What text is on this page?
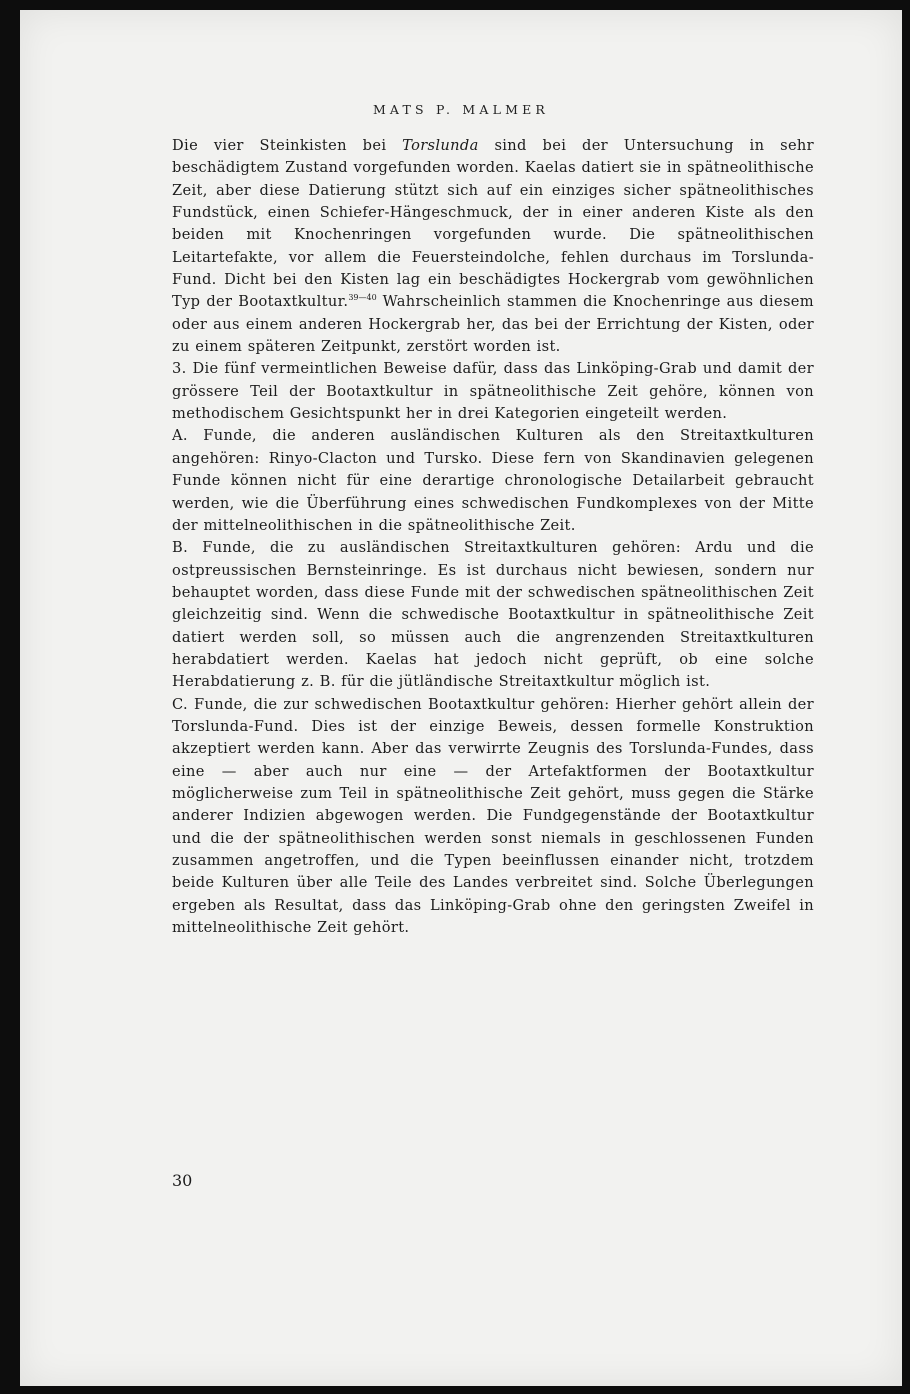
MATS P. MALMER

Die vier Steinkisten bei Torslunda sind bei der Untersuchung in sehr beschädigtem Zustand vorgefunden worden. Kaelas datiert sie in spätneolithische Zeit, aber diese Datierung stützt sich auf ein einziges sicher spätneolithisches Fundstück, einen Schiefer-Hängeschmuck, der in einer anderen Kiste als den beiden mit Knochenringen vorgefunden wurde. Die spätneolithischen Leitartefakte, vor allem die Feuersteindolche, fehlen durchaus im Torslunda-Fund. Dicht bei den Kisten lag ein beschädigtes Hockergrab vom gewöhnlichen Typ der Bootaxtkultur.$^{39—40}$ Wahrscheinlich stammen die Knochenringe aus diesem oder aus einem anderen Hockergrab her, das bei der Errichtung der Kisten, oder zu einem späteren Zeitpunkt, zerstört worden ist.

3. Die fünf vermeintlichen Beweise dafür, dass das Linköping-Grab und damit der grössere Teil der Bootaxtkultur in spätneolithische Zeit gehöre, können von methodischem Gesichtspunkt her in drei Kategorien eingeteilt werden.

A. Funde, die anderen ausländischen Kulturen als den Streitaxtkulturen angehören: Rinyo-Clacton und Tursko. Diese fern von Skandinavien gelegenen Funde können nicht für eine derartige chronologische Detailarbeit gebraucht werden, wie die Überführung eines schwedischen Fundkomplexes von der Mitte der mittelneolithischen in die spätneolithische Zeit.

B. Funde, die zu ausländischen Streitaxtkulturen gehören: Ardu und die ostpreussischen Bernsteinringe. Es ist durchaus nicht bewiesen, sondern nur behauptet worden, dass diese Funde mit der schwedischen spätneolithischen Zeit gleichzeitig sind. Wenn die schwedische Bootaxtkultur in spätneolithische Zeit datiert werden soll, so müssen auch die angrenzenden Streitaxtkulturen herabdatiert werden. Kaelas hat jedoch nicht geprüft, ob eine solche Herabdatierung z. B. für die jütländische Streitaxtkultur möglich ist.

C. Funde, die zur schwedischen Bootaxtkultur gehören: Hierher gehört allein der Torslunda-Fund. Dies ist der einzige Beweis, dessen formelle Konstruktion akzeptiert werden kann. Aber das verwirrte Zeugnis des Torslunda-Fundes, dass eine — aber auch nur eine — der Artefaktformen der Bootaxtkultur möglicherweise zum Teil in spätneolithische Zeit gehört, muss gegen die Stärke anderer Indizien abgewogen werden. Die Fundgegenstände der Bootaxtkultur und die der spätneolithischen werden sonst niemals in geschlossenen Funden zusammen angetroffen, und die Typen beeinflussen einander nicht, trotzdem beide Kulturen über alle Teile des Landes verbreitet sind. Solche Überlegungen ergeben als Resultat, dass das Linköping-Grab ohne den geringsten Zweifel in mittelneolithische Zeit gehört.

30
